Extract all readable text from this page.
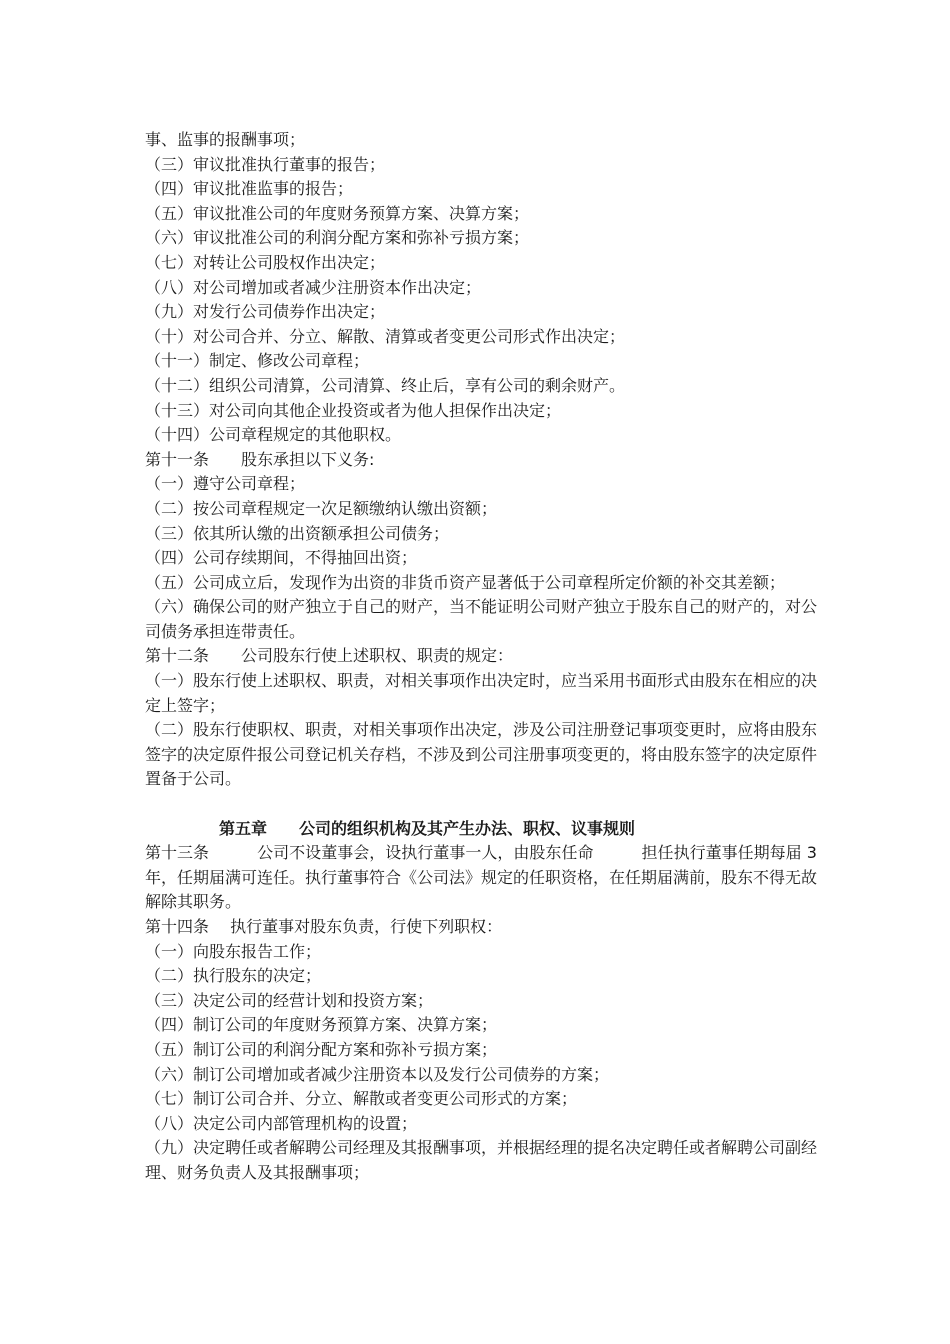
事、监事的报酬事项；

（三）审议批准执行董事的报告；

（四）审议批准监事的报告；

（五）审议批准公司的年度财务预算方案、决算方案；

（六）审议批准公司的利润分配方案和弥补亏损方案；

（七）对转让公司股权作出决定；

（八）对公司增加或者减少注册资本作出决定；

（九）对发行公司债券作出决定；

（十）对公司合并、分立、解散、清算或者变更公司形式作出决定；

（十一）制定、修改公司章程；

（十二）组织公司清算，公司清算、终止后，享有公司的剩余财产。

（十三）对公司向其他企业投资或者为他人担保作出决定；

（十四）公司章程规定的其他职权。

第十一条　　股东承担以下义务:

（一）遵守公司章程；

（二）按公司章程规定一次足额缴纳认缴出资额；

（三）依其所认缴的出资额承担公司债务；

（四）公司存续期间，不得抽回出资；

（五）公司成立后，发现作为出资的非货币资产显著低于公司章程所定价额的补交其差额；

（六）确保公司的财产独立于自己的财产，当不能证明公司财产独立于股东自己的财产的，对公司债务承担连带责任。

第十二条　　公司股东行使上述职权、职责的规定：

（一）股东行使上述职权、职责，对相关事项作出决定时，应当采用书面形式由股东在相应的决定上签字；

（二）股东行使职权、职责，对相关事项作出决定，涉及公司注册登记事项变更时，应将由股东签字的决定原件报公司登记机关存档，不涉及到公司注册事项变更的，将由股东签字的决定原件置备于公司。

第五章　　公司的组织机构及其产生办法、职权、议事规则

第十三条　　　公司不设董事会，设执行董事一人，由股东任命　　　担任执行董事任期每届 3 年，任期届满可连任。执行董事符合《公司法》规定的任职资格，在任期届满前，股东不得无故解除其职务。

第十四条　 执行董事对股东负责，行使下列职权：

（一）向股东报告工作；

（二）执行股东的决定；

（三）决定公司的经营计划和投资方案；

（四）制订公司的年度财务预算方案、决算方案；

（五）制订公司的利润分配方案和弥补亏损方案；

（六）制订公司增加或者减少注册资本以及发行公司债券的方案；

（七）制订公司合并、分立、解散或者变更公司形式的方案；

（八）决定公司内部管理机构的设置；

（九）决定聘任或者解聘公司经理及其报酬事项，并根据经理的提名决定聘任或者解聘公司副经理、财务负责人及其报酬事项；
